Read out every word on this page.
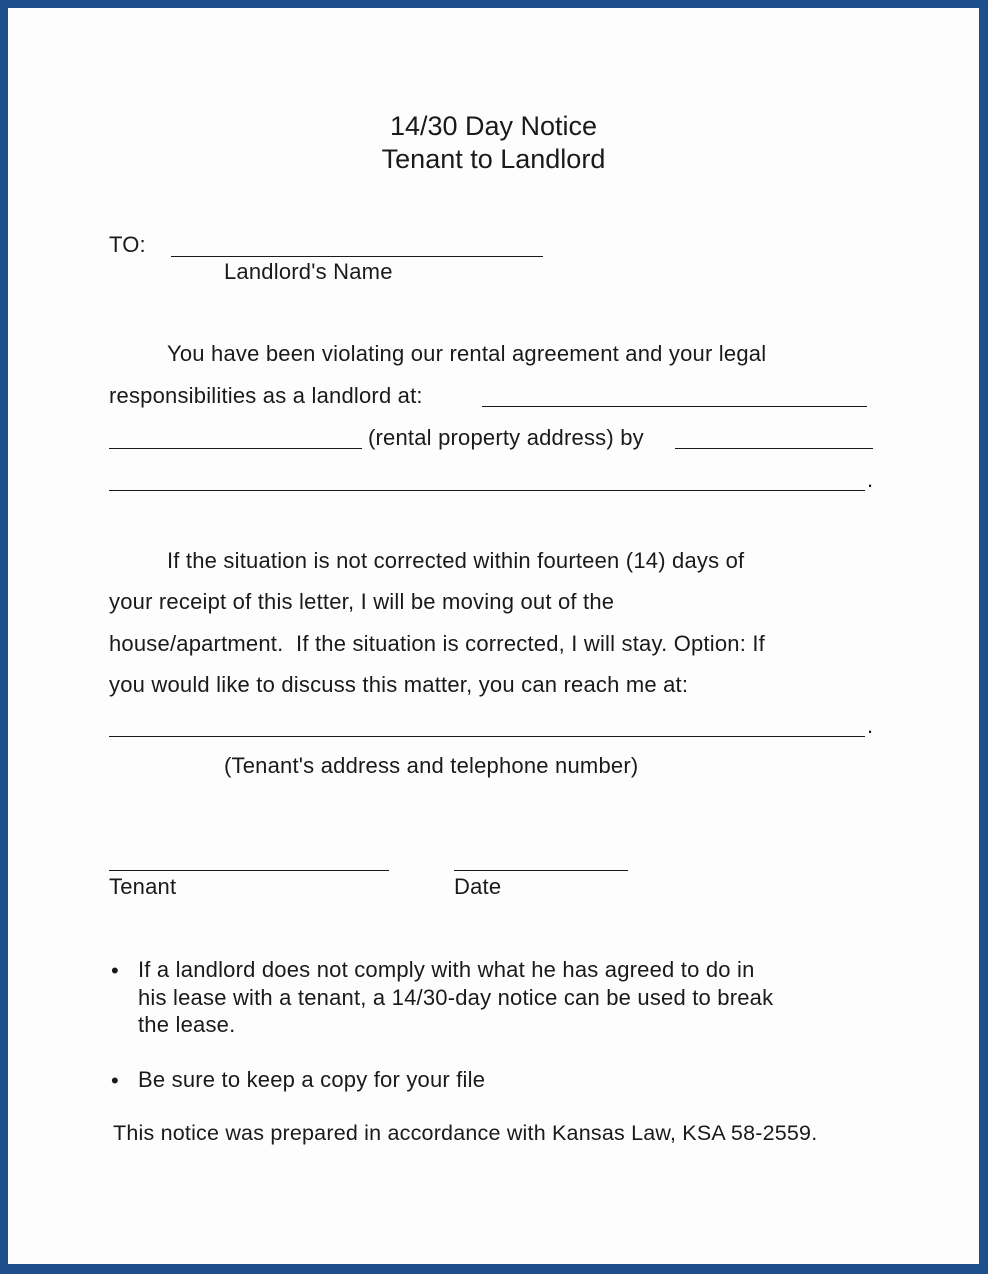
14/30 Day Notice
Tenant to Landlord
TO:
Landlord's Name
You have been violating our rental agreement and your legal
responsibilities as a landlord at:
(rental property address) by
.
If the situation is not corrected within fourteen (14) days of
your receipt of this letter, I will be moving out of the
house/apartment.  If the situation is corrected, I will stay. Option: If
you would like to discuss this matter, you can reach me at:
.
(Tenant's address and telephone number)
Tenant	Date
• If a landlord does not comply with what he has agreed to do in
his lease with a tenant, a 14/30-day notice can be used to break
the lease.
• Be sure to keep a copy for your file
This notice was prepared in accordance with Kansas Law, KSA 58-2559.
